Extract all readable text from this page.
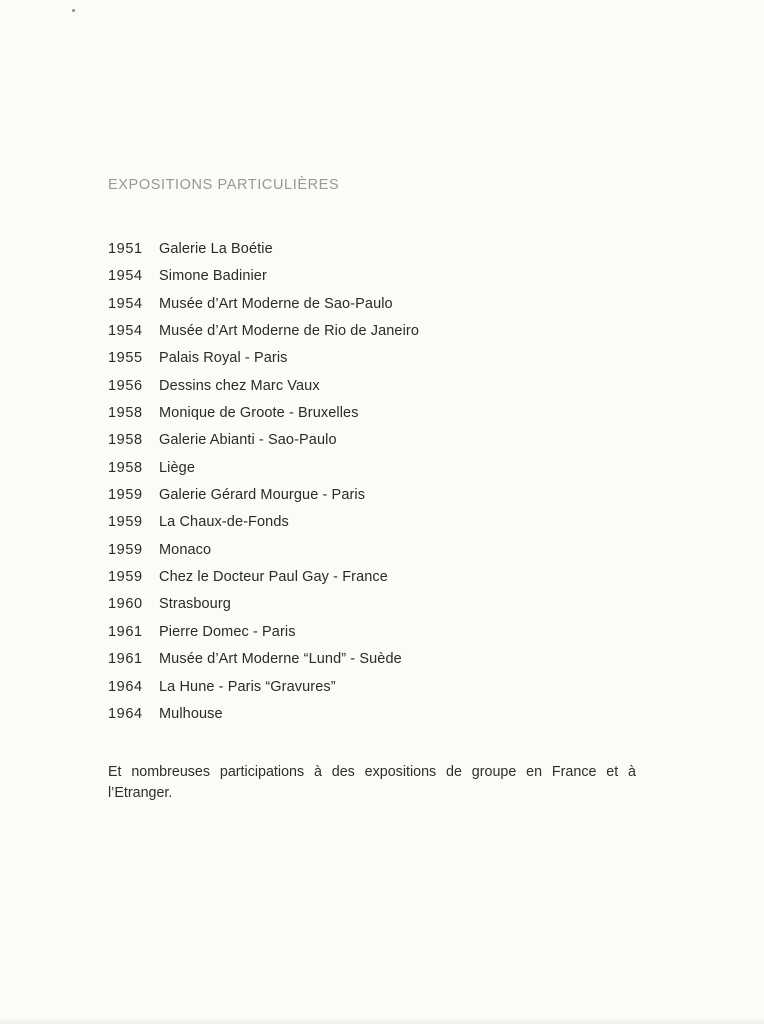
EXPOSITIONS PARTICULIÈRES
1951	Galerie La Boétie
1954	Simone Badinier
1954	Musée d’Art Moderne de Sao-Paulo
1954	Musée d’Art Moderne de Rio de Janeiro
1955	Palais Royal - Paris
1956	Dessins chez Marc Vaux
1958	Monique de Groote - Bruxelles
1958	Galerie Abianti - Sao-Paulo
1958	Liège
1959	Galerie Gérard Mourgue - Paris
1959	La Chaux-de-Fonds
1959	Monaco
1959	Chez le Docteur Paul Gay - France
1960	Strasbourg
1961	Pierre Domec - Paris
1961	Musée d’Art Moderne “Lund” - Suède
1964	La Hune - Paris “Gravures”
1964	Mulhouse

Et nombreuses participations à des expositions de groupe en France et à l’Etranger.
